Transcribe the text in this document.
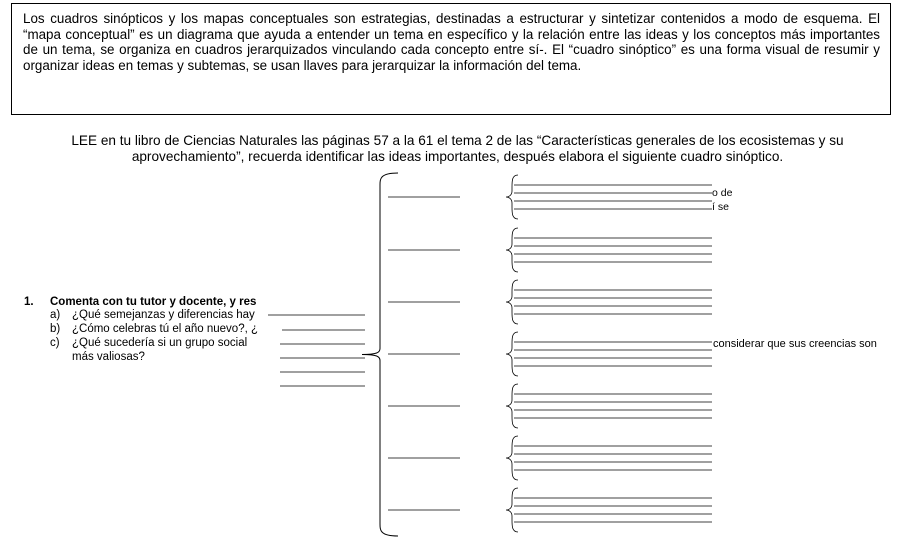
Los cuadros sinópticos y los mapas conceptuales son estrategias, destinadas a estructurar y sintetizar contenidos a modo de esquema. El “mapa conceptual” es un diagrama que ayuda a entender un tema en específico y la relación entre las ideas y los conceptos más importantes de un tema, se organiza en cuadros jerarquizados vinculando cada concepto entre sí-. El “cuadro sinóptico” es una forma visual de resumir y organizar ideas en temas y subtemas, se usan llaves para jerarquizar la información del tema.
LEE en tu libro de Ciencias Naturales las páginas 57 a la 61 el tema 2 de las “Características generales de los ecosistemas y su
aprovechamiento”, recuerda identificar las ideas importantes, después elabora el siguiente cuadro sinóptico.
1. Comenta con tu tutor y docente, y res
a) ¿Qué semejanzas y diferencias hay
b) ¿Cómo celebras tú el año nuevo?, ¿
c) ¿Qué sucedería si un grupo social
más valiosas?
o de
í se
considerar que sus creencias son
